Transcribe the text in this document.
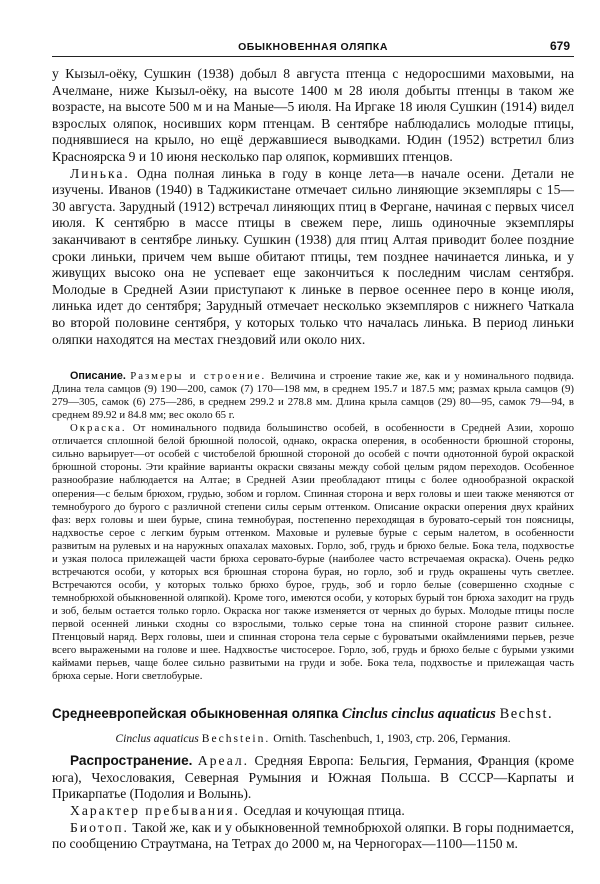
ОБЫКНОВЕННАЯ ОЛЯПКА	679

у Кызыл-оёку, Сушкин (1938) добыл 8 августа птенца с недоросшими маховыми, на Ачелмане, ниже Кызыл-оёку, на высоте 1400 м 28 июля добыты птенцы в таком же возрасте, на высоте 500 м и на Маные—5 июля. На Иргаке 18 июля Сушкин (1914) видел взрослых оляпок, носивших корм птенцам. В сентябре наблюдались молодые птицы, поднявшиеся на крыло, но ещё державшиеся выводками. Юдин (1952) встретил близ Красноярска 9 и 10 июня несколько пар оляпок, кормивших птенцов.

Линька. Одна полная линька в году в конце лета—в начале осени. Детали не изучены. Иванов (1940) в Таджикистане отмечает сильно линяющие экземпляры с 15—30 августа. Зарудный (1912) встречал линяющих птиц в Фергане, начиная с первых чисел июля. К сентябрю в массе птицы в свежем пере, лишь одиночные экземпляры заканчивают в сентябре линьку. Сушкин (1938) для птиц Алтая приводит более поздние сроки линьки, причем чем выше обитают птицы, тем позднее начинается линька, и у живущих высоко она не успевает еще закончиться к последним числам сентября. Молодые в Средней Азии приступают к линьке в первое осеннее перо в конце июля, линька идет до сентября; Зарудный отмечает несколько экземпляров с нижнего Чаткала во второй половине сентября, у которых только что началась линька. В период линьки оляпки находятся на местах гнездовий или около них.

Описание. Размеры и строение. Величина и строение такие же, как и у номинального подвида. Длина тела самцов (9) 190—200, самок (7) 170—198 мм, в среднем 195.7 и 187.5 мм; размах крыла самцов (9) 279—305, самок (6) 275—286, в среднем 299.2 и 278.8 мм. Длина крыла самцов (29) 80—95, самок 79—94, в среднем 89.92 и 84.8 мм; вес около 65 г.

Окраска. От номинального подвида большинство особей, в особенности в Средней Азии, хорошо отличается сплошной белой брюшной полосой, однако, окраска оперения, в особенности брюшной стороны, сильно варьирует—от особей с чистобелой брюшной стороной до особей с почти однотонной бурой окраской брюшной стороны. Эти крайние варианты окраски связаны между собой целым рядом переходов. Особенное разнообразие наблюдается на Алтае; в Средней Азии преобладают птицы с более однообразной окраской оперения—с белым брюхом, грудью, зобом и горлом. Спинная сторона и верх головы и шеи также меняются от темнобурого до бурого с различной степени силы серым оттенком. Описание окраски оперения двух крайних фаз: верх головы и шеи бурые, спина темнобурая, постепенно переходящая в буровато-серый тон поясницы, надхвостье серое с легким бурым оттенком. Маховые и рулевые бурые с серым налетом, в особенности развитым на рулевых и на наружных опахалах маховых. Горло, зоб, грудь и брюхо белые. Бока тела, подхвостье и узкая полоса прилежащей части брюха серовато-бурые (наиболее часто встречаемая окраска). Очень редко встречаются особи, у которых вся брюшная сторона бурая, но горло, зоб и грудь окрашены чуть светлее. Встречаются особи, у которых только брюхо бурое, грудь, зоб и горло белые (совершенно сходные с темнобрюхой обыкновенной оляпкой). Кроме того, имеются особи, у которых бурый тон брюха заходит на грудь и зоб, белым остается только горло. Окраска ног также изменяется от черных до бурых. Молодые птицы после первой осенней линьки сходны со взрослыми, только серые тона на спинной стороне развит сильнее. Птенцовый наряд. Верх головы, шеи и спинная сторона тела серые с буроватыми окаймлениями перьев, резче всего выражеными на голове и шее. Надхвостье чистосерое. Горло, зоб, грудь и брюхо белые с бурыми узкими каймами перьев, чаще более сильно развитыми на груди и зобе. Бока тела, подхвостье и прилежащая часть брюха серые. Ноги светлобурые.

Среднеевропейская обыкновенная оляпка Cinclus cinclus aquaticus Bechst.

Cinclus aquaticus Bechstein. Ornith. Taschenbuch, 1, 1903, стр. 206, Германия.

Распространение. Ареал. Средняя Европа: Бельгия, Германия, Франция (кроме юга), Чехословакия, Северная Румыния и Южная Польша. В СССР—Карпаты и Прикарпатье (Подолия и Волынь).

Характер пребывания. Оседлая и кочующая птица.

Биотоп. Такой же, как и у обыкновенной темнобрюхой оляпки. В горы поднимается, по сообщению Страутмана, на Тетрах до 2000 м, на Черногорах—1100—1150 м.
